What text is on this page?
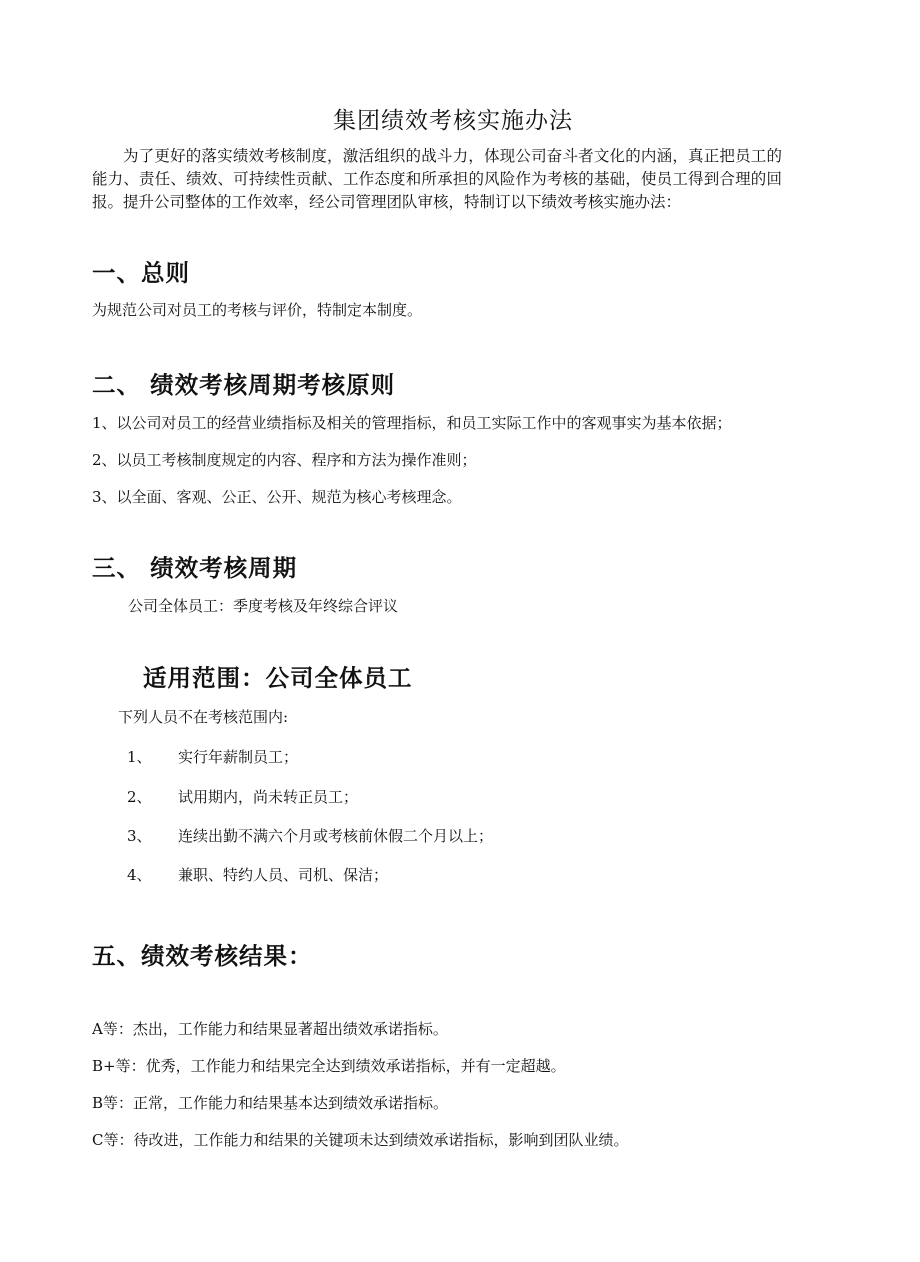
集团绩效考核实施办法
为了更好的落实绩效考核制度，激活组织的战斗力，体现公司奋斗者文化的内涵，真正把员工的能力、责任、绩效、可持续性贡献、工作态度和所承担的风险作为考核的基础，使员工得到合理的回报。提升公司整体的工作效率，经公司管理团队审核，特制订以下绩效考核实施办法：
一、总则
为规范公司对员工的考核与评价，特制定本制度。
二、 绩效考核周期考核原则
1、以公司对员工的经营业绩指标及相关的管理指标，和员工实际工作中的客观事实为基本依据；
2、以员工考核制度规定的内容、程序和方法为操作准则；
3、以全面、客观、公正、公开、规范为核心考核理念。
三、 绩效考核周期
公司全体员工：季度考核及年终综合评议
适用范围：公司全体员工
下列人员不在考核范围内:
1、 实行年薪制员工；
2、 试用期内，尚未转正员工；
3、 连续出勤不满六个月或考核前休假二个月以上；
4、 兼职、特约人员、司机、保洁；
五、绩效考核结果：
A等：杰出，工作能力和结果显著超出绩效承诺指标。
B+等：优秀，工作能力和结果完全达到绩效承诺指标，并有一定超越。
B等：正常，工作能力和结果基本达到绩效承诺指标。
C等：待改进，工作能力和结果的关键项未达到绩效承诺指标，影响到团队业绩。
